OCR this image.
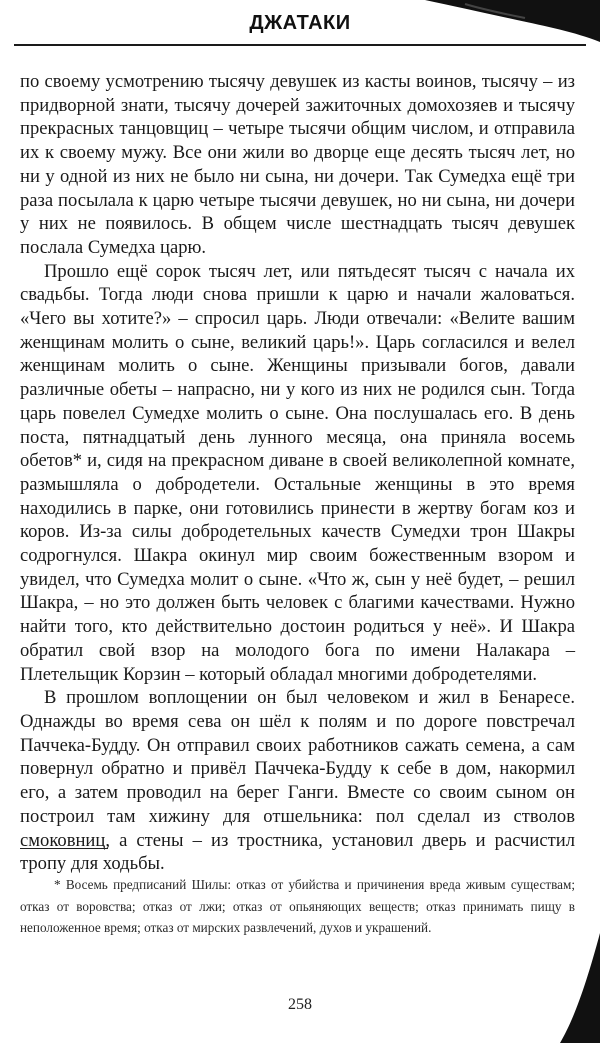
ДЖАТАКИ

по своему усмотрению тысячу девушек из касты воинов, тысячу – из придворной знати, тысячу дочерей зажиточных домохозяев и тысячу прекрасных танцовщиц – четыре тысячи общим числом, и отправила их к своему мужу. Все они жили во дворце еще десять тысяч лет, но ни у одной из них не было ни сына, ни дочери. Так Сумедха ещё три раза посылала к царю четыре тысячи девушек, но ни сына, ни дочери у них не появилось. В общем числе шестнадцать тысяч девушек послала Сумедха царю.

Прошло ещё сорок тысяч лет, или пятьдесят тысяч с начала их свадьбы. Тогда люди снова пришли к царю и начали жаловаться. «Чего вы хотите?» – спросил царь. Люди отвечали: «Велите вашим женщинам молить о сыне, великий царь!». Царь согласился и велел женщинам молить о сыне. Женщины призывали богов, давали различные обеты – напрасно, ни у кого из них не родился сын. Тогда царь повелел Сумедхе молить о сыне. Она послушалась его. В день поста, пятнадцатый день лунного месяца, она приняла восемь обетов* и, сидя на прекрасном диване в своей великолепной комнате, размышляла о добродетели. Остальные женщины в это время находились в парке, они готовились принести в жертву богам коз и коров. Из-за силы добродетельных качеств Сумедхи трон Шакры содрогнулся. Шакра окинул мир своим божественным взором и увидел, что Сумедха молит о сыне. «Что ж, сын у неё будет, – решил Шакра, – но это должен быть человек с благими качествами. Нужно найти того, кто действительно достоин родиться у неё». И Шакра обратил свой взор на молодого бога по имени Налакара – Плетельщик Корзин – который обладал многими добродетелями.

В прошлом воплощении он был человеком и жил в Бенаресе. Однажды во время сева он шёл к полям и по дороге повстречал Паччека-Будду. Он отправил своих работников сажать семена, а сам повернул обратно и привёл Паччека-Будду к себе в дом, накормил его, а затем проводил на берег Ганги. Вместе со своим сыном он построил там хижину для отшельника: пол сделал из стволов смоковниц, а стены – из тростника, установил дверь и расчистил тропу для ходьбы.

* Восемь предписаний Шилы: отказ от убийства и причинения вреда живым существам; отказ от воровства; отказ от лжи; отказ от опьяняющих веществ; отказ принимать пищу в неположенное время; отказ от мирских развлечений, духов и украшений.

258
